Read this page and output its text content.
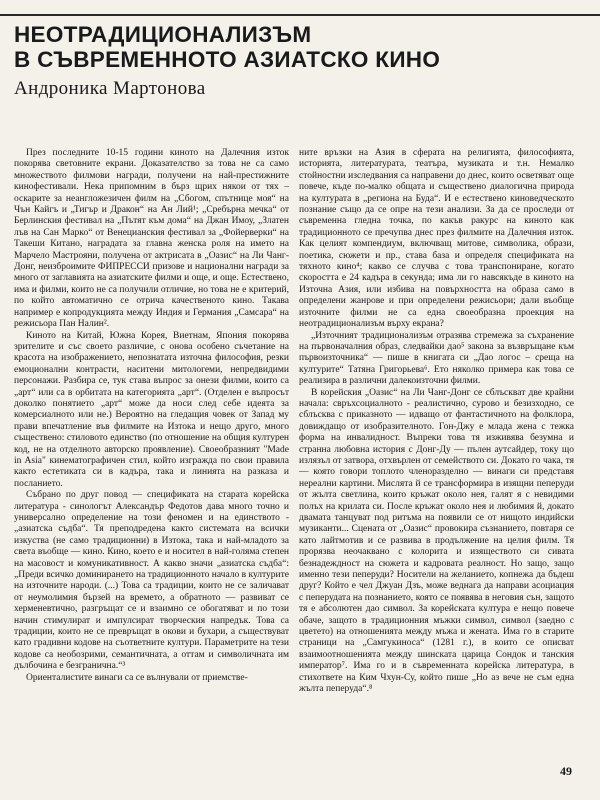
НЕОТРАДИЦИОНАЛИЗЪМ
В СЪВРЕМЕННОТО АЗИАТСКО КИНО

Андроника Мартонова

През последните 10-15 години киното на Далечния изток покорява световните екрани. Доказателство за това не са само множеството филмови награди, получени на най-престижните кинофестивали. Нека припомним в бърз щрих някои от тях – оскарите за неангложезичен филм на „Сбогом, спътнице моя“ на Чън Кайгъ и „Тигър и Дракон“ на Ан Лий¹; „Сребърна мечка“ от Берлинския фестивал на „Пътят към дома“ на Джан Имоу, „Златен лъв на Сан Марко“ от Венецианския фестивал за „Фойерверки“ на Такеши Китано, наградата за главна женска роля на името на Марчело Мастрояни, получена от актрисата в „Оазис“ на Ли Чанг-Донг, неизброимите ФИПРЕССИ призове и национални награди за много от заглавията на азиатските филми и още, и още. Естествено, има и филми, които не са получили отличие, но това не е критерий, по който автоматично се отрича качественото кино. Такава например е копродукцията между Индия и Германия „Самсара“ на режисьора Пан Налин².

Киното на Китай, Южна Корея, Виетнам, Япония покорява зрителите и със своето различие, с онова особено съчетание на красота на изображението, непознатата източна философия, резки емоционални контрасти, наситени митологеми, непредвидими персонажи. Разбира се, тук става въпрос за онези филми, които са „арт“ или са в орбитата на категорията „арт“. (Отделен е въпросът доколко понятието „арт“ може да носи след себе идеята за комерсиалното или не.) Вероятно на гледащия човек от Запад му прави впечатление във филмите на Изтока и нещо друго, много съществено: стиловото единство (по отношение на общия културен код, не на отделното авторско проявление). Своеобразният "Made in Asia" кинематографичен стил, който изгражда по свои правила както естетиката си в кадъра, така и линията на разказа и посланието.

Събрано по друг повод — спецификата на старата корейска литература - синологът Александър Федотов дава много точно и универсално определение на този феномен и на единството - „азиатска съдба“. Тя преподредена както системата на всички изкуства (не само традиционни) в Изтока, така и най-младото за света въобще — кино. Кино, което е и носител в най-голяма степен на масовост и комуникативност. А какво значи „азиатска съдба“: „Преди всичко доминирането на традиционното начало в културите на източните народи. (...) Това са традиции, които не се заличават от неумолимия бързей на времето, а обратното — развиват се херменевтично, разгръщат се и взаимно се обогатяват и по този начин стимулират и импулсират творческия напредък. Това са традиции, които не се превръщат в окови и бухари, а съществуват като градивни кодове на съответните култури. Параметрите на тези кодове са необозрими, семантичната, а оттам и символичната им дълбочина е безгранична.“³

Ориенталистите винаги са се вълнували от приемстве-

ните връзки на Азия в сферата на религията, философията, историята, литературата, театъра, музиката и т.н. Немалко стойностни изследвания са направени до днес, които осветяват още повече, къде по-малко общата и съществено диалогична природа на културата в „региона на Буда“. И е естествено киноведческото познание също да се опре на тези анализи. За да се проследи от съвременна гледна точка, по какъв ракурс на киното как традиционното се пречупва днес през филмите на Далечния изток. Как целият компендиум, включващ митове, символика, образи, поетика, сюжети и пр., става база и определя спецификата на тяхното кино⁴; какво се случва с това транспониране, когато скоростта е 24 кадъра в секунда; има ли го навсякъде в киното на Източна Азия, или избива на повърхността на образа само в определени жанрове и при определени режисьори; дали въобще източните филми не са една своеобразна проекция на неотрадиционализъм върху екрана?

„Източният традиционализъм отразява стремежа за съхранение на първоначалния образ, следвайки дао⁵ закона за възвръщане към първоизточника“ — пише в книгата си „Дао логос – среща на културите“ Татяна Григорьева⁶. Ето няколко примера как това се реализира в различни далекоизточни филми.

В корейския „Оазис“ на Ли Чанг-Донг се сблъскват две крайни начала: свръхсоциалното - реалистично, сурово и безизходно, се сблъсква с приказното — идващо от фантастичното на фолклора, довиждащо от изобразителното. Гон-Джу е млада жена с тежка форма на инвалидност. Въпреки това тя изживява безумна и странна любовна история с Донг-Ду — пълен аутсайдер, току що излязъл от затвора, отхвърлен от семейството си. Докато го чака, тя — която говори топлото членоразделно — винаги си представя нереални картини. Мислята й се трансформира в изящни пеперуди от жълта светлина, които кръжат около нея, галят я с невидими полъх на крилата си. После кръжат около нея и любимия й, докато двамата танцуват под ритъма на появили се от нищото индийски музиканти... Сцената от „Оазис“ провокира съзнанието, повтаря се като лайтмотив и се развива в продължение на целия филм. Тя прорязва неочаквано с колорита и изяществото си сивата безнадеждност на сюжета и кадровата реалност. Но защо, защо именно тези пеперуди? Носители на желанието, копнежа да бъдеш друг? Който е чел Джуан Дзъ, може веднага да направи асоциация с пеперудата на познанието, която се появява в неговия сън, защото тя е абсолютен дао символ. За корейската култура е нещо повече обаче, защото в традиционния мъжки символ, символ (заедно с цветето) на отношенията между мъжа и жената. Има го в старите страници на „Самгукиноса“ (1281 г.), в които се описват взаимоотношенията между шинската царица Сондок и танския император⁷. Има го и в съвременната корейска литература, в стихответе на Ким Чхун-Су, който пише „Но аз вече не съм една жълта пеперуда“.⁸

49
